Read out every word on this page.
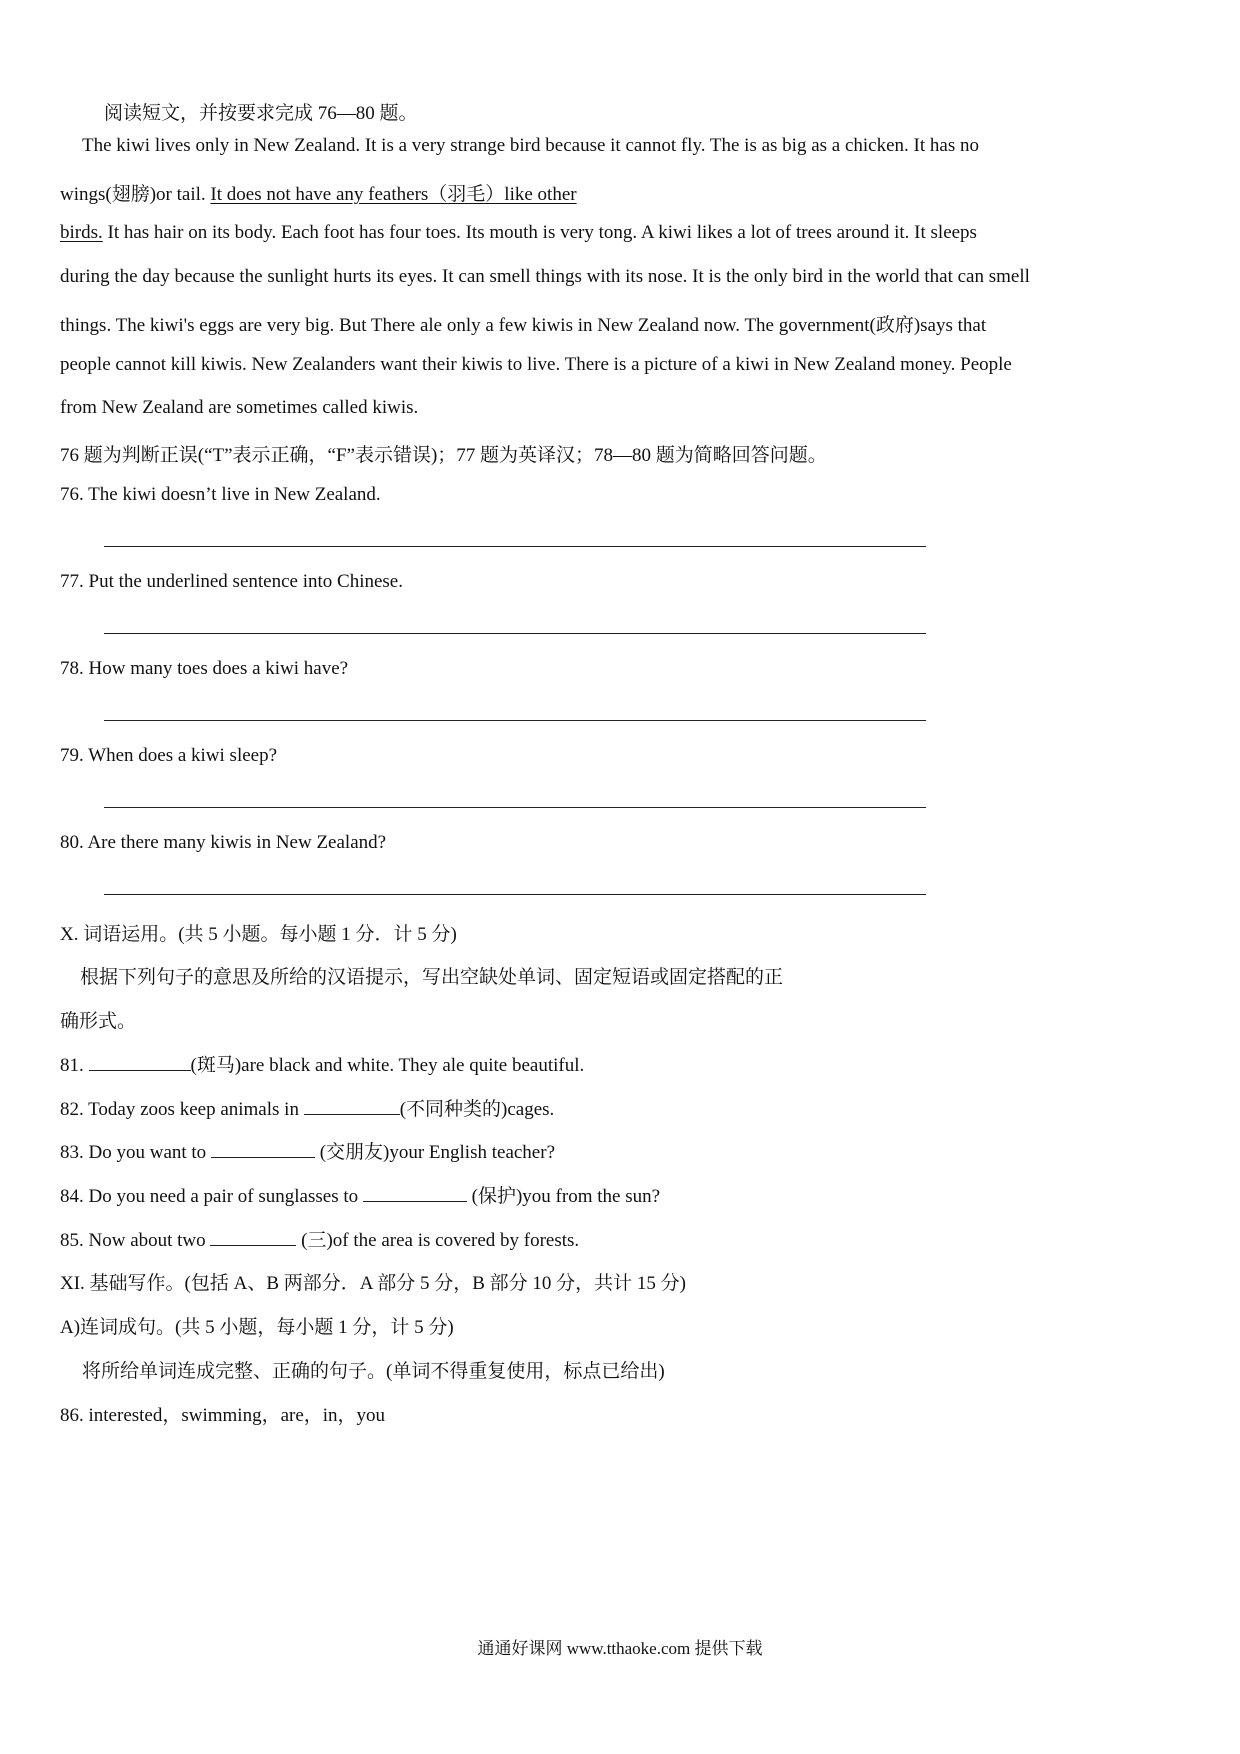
阅读短文，并按要求完成 76—80 题。
The kiwi lives only in New Zealand. It is a very strange bird because it cannot fly. The is as big as a chicken. It has no
wings(翅膀)or tail. It does not have any feathers（羽毛）like other
birds. It has hair on its body. Each foot has four toes. Its mouth is very tong. A kiwi likes a lot of trees around it. It sleeps
during the day because the sunlight hurts its eyes. It can smell things with its nose. It is the only bird in the world that can smell
things. The kiwi's eggs are very big. But There ale only a few kiwis in New Zealand now. The government(政府)says that
people cannot kill kiwis. New Zealanders want their kiwis to live. There is a picture of a kiwi in New Zealand money. People
from New Zealand are sometimes called kiwis.
76 题为判断正误(“T”表示正确，“F”表示错误)；77 题为英译汉；78—80 题为简略回答问题。
76. The kiwi doesn’t live in New Zealand.
77. Put the underlined sentence into Chinese.
78. How many toes does a kiwi have?
79. When does a kiwi sleep?
80. Are there many kiwis in New Zealand?
X. 词语运用。(共 5 小题。每小题 1 分．计 5 分)
根据下列句子的意思及所给的汉语提示，写出空缺处单词、固定短语或固定搭配的正
确形式。
81.	(斑马)are black and white. They ale quite beautiful.
82. Today zoos keep animals in	(不同种类的)cages.
83. Do you want to	(交朋友)your English teacher?
84. Do you need a pair of sunglasses to	(保护)you from the sun?
85. Now about two	(三)of the area is covered by forests.
XI. 基础写作。(包括 A、B 两部分．A 部分 5 分，B 部分 10 分，共计 15 分)
A)连词成句。(共 5 小题，每小题 1 分，计 5 分)
将所给单词连成完整、正确的句子。(单词不得重复使用，标点已给出)
86. interested，swimming，are，in，you
通通好课网 www.tthaoke.com 提供下载
